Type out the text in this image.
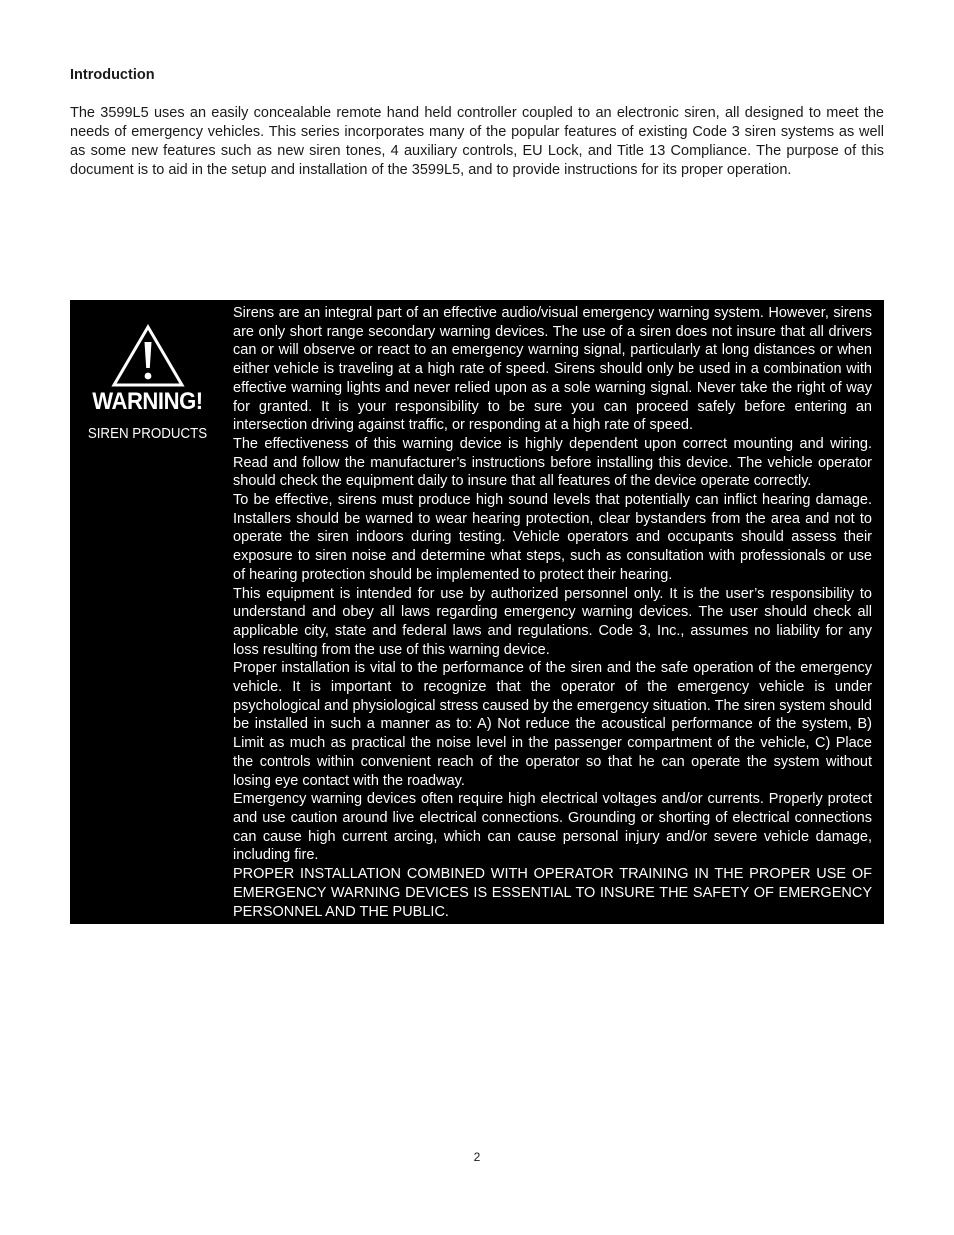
Introduction

The 3599L5 uses an easily concealable remote hand held controller coupled to an electronic siren, all designed to meet the needs of emergency vehicles. This series incorporates many of the popular features of existing Code 3 siren systems as well as some new features such as new siren tones, 4 auxiliary controls, EU Lock, and Title 13 Compliance. The purpose of this document is to aid in the setup and installation of the 3599L5, and to provide instructions for its proper operation.

WARNING!
SIREN PRODUCTS

Sirens are an integral part of an effective audio/visual emergency warning system. However, sirens are only short range secondary warning devices. The use of a siren does not insure that all drivers can or will observe or react to an emergency warning signal, particularly at long distances or when either vehicle is traveling at a high rate of speed. Sirens should only be used in a combination with effective warning lights and never relied upon as a sole warning signal. Never take the right of way for granted. It is your responsibility to be sure you can proceed safely before entering an intersection driving against traffic, or responding at a high rate of speed.

The effectiveness of this warning device is highly dependent upon correct mounting and wiring. Read and follow the manufacturer’s instructions before installing this device. The vehicle operator should check the equipment daily to insure that all features of the device operate correctly.

To be effective, sirens must produce high sound levels that potentially can inflict hearing damage. Installers should be warned to wear hearing protection, clear bystanders from the area and not to operate the siren indoors during testing. Vehicle operators and occupants should assess their exposure to siren noise and determine what steps, such as consultation with professionals or use of hearing protection should be implemented to protect their hearing.

This equipment is intended for use by authorized personnel only. It is the user’s responsibility to understand and obey all laws regarding emergency warning devices. The user should check all applicable city, state and federal laws and regulations. Code 3, Inc., assumes no liability for any loss resulting from the use of this warning device.

Proper installation is vital to the performance of the siren and the safe operation of the emergency vehicle. It is important to recognize that the operator of the emergency vehicle is under psychological and physiological stress caused by the emergency situation. The siren system should be installed in such a manner as to: A) Not reduce the acoustical performance of the system, B) Limit as much as practical the noise level in the passenger compartment of the vehicle, C) Place the controls within convenient reach of the operator so that he can operate the system without losing eye contact with the roadway.

Emergency warning devices often require high electrical voltages and/or currents. Properly protect and use caution around live electrical connections. Grounding or shorting of electrical connections can cause high current arcing, which can cause personal injury and/or severe vehicle damage, including fire.

PROPER INSTALLATION COMBINED WITH OPERATOR TRAINING IN THE PROPER USE OF EMERGENCY WARNING DEVICES IS ESSENTIAL TO INSURE THE SAFETY OF EMERGENCY PERSONNEL AND THE PUBLIC.

2
